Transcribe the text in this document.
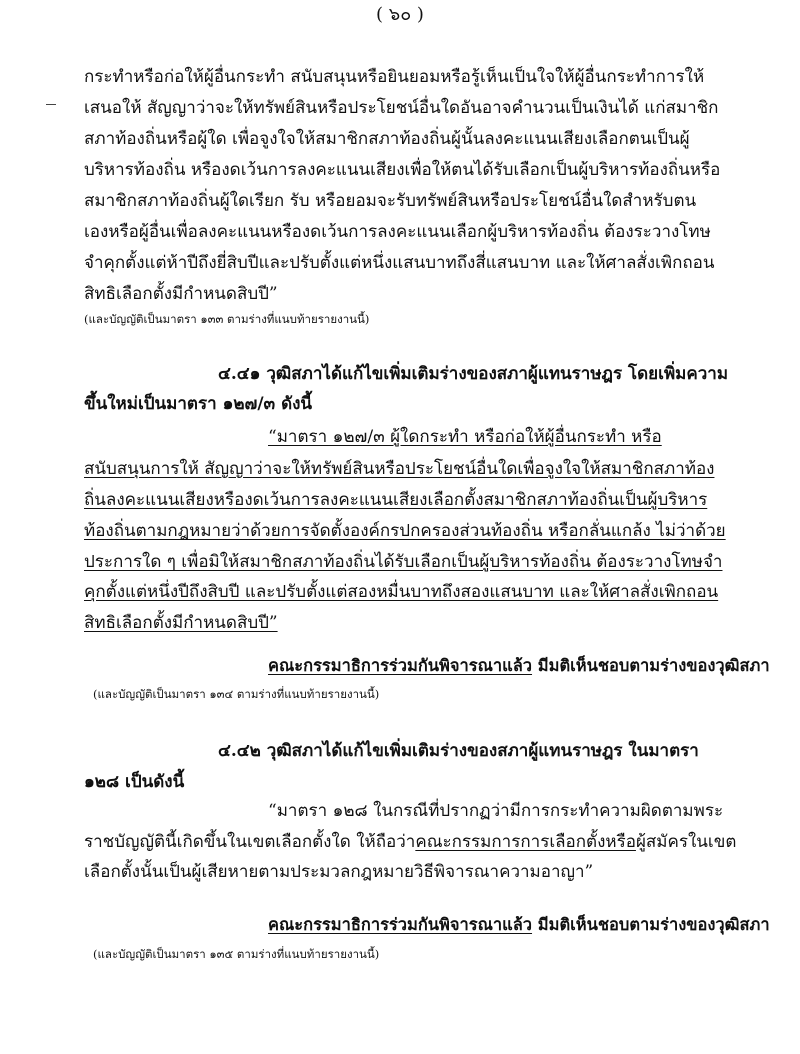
( ๖๐ )
กระทำหรือก่อให้ผู้อื่นกระทำ สนับสนุนหรือยินยอมหรือรู้เห็นเป็นใจให้ผู้อื่นกระทำการให้
เสนอให้ สัญญาว่าจะให้ทรัพย์สินหรือประโยชน์อื่นใดอันอาจคำนวนเป็นเงินได้ แก่สมาชิก
สภาท้องถิ่นหรือผู้ใด เพื่อจูงใจให้สมาชิกสภาท้องถิ่นผู้นั้นลงคะแนนเสียงเลือกตนเป็นผู้
บริหารท้องถิ่น หรืองดเว้นการลงคะแนนเสียงเพื่อให้ตนได้รับเลือกเป็นผู้บริหารท้องถิ่นหรือ
สมาชิกสภาท้องถิ่นผู้ใดเรียก รับ หรือยอมจะรับทรัพย์สินหรือประโยชน์อื่นใดสำหรับตน
เองหรือผู้อื่นเพื่อลงคะแนนหรืองดเว้นการลงคะแนนเลือกผู้บริหารท้องถิ่น ต้องระวางโทษ
จำคุกตั้งแต่ห้าปีถึงยี่สิบปีและปรับตั้งแต่หนึ่งแสนบาทถึงสี่แสนบาท และให้ศาลสั่งเพิกถอน
สิทธิเลือกตั้งมีกำหนดสิบปี”
(และบัญญัติเป็นมาตรา ๑๓๓ ตามร่างที่แนบท้ายรายงานนี้)
๔.๔๑ วุฒิสภาได้แก้ไขเพิ่มเติมร่างของสภาผู้แทนราษฎร โดยเพิ่มความ
ขึ้นใหม่เป็นมาตรา ๑๒๗/๓ ดังนี้
“มาตรา ๑๒๗/๓ ผู้ใดกระทำ หรือก่อให้ผู้อื่นกระทำ หรือ
สนับสนุนการให้ สัญญาว่าจะให้ทรัพย์สินหรือประโยชน์อื่นใดเพื่อจูงใจให้สมาชิกสภาท้อง
ถิ่นลงคะแนนเสียงหรืองดเว้นการลงคะแนนเสียงเลือกตั้งสมาชิกสภาท้องถิ่นเป็นผู้บริหาร
ท้องถิ่นตามกฎหมายว่าด้วยการจัดตั้งองค์กรปกครองส่วนท้องถิ่น หรือกลั่นแกล้ง ไม่ว่าด้วย
ประการใด ๆ เพื่อมิให้สมาชิกสภาท้องถิ่นได้รับเลือกเป็นผู้บริหารท้องถิ่น ต้องระวางโทษจำ
คุกตั้งแต่หนึ่งปีถึงสิบปี และปรับตั้งแต่สองหมื่นบาทถึงสองแสนบาท และให้ศาลสั่งเพิกถอน
สิทธิเลือกตั้งมีกำหนดสิบปี”
คณะกรรมาธิการร่วมกันพิจารณาแล้ว มีมติเห็นชอบตามร่างของวุฒิสภา
(และบัญญัติเป็นมาตรา ๑๓๔ ตามร่างที่แนบท้ายรายงานนี้)
๔.๔๒ วุฒิสภาได้แก้ไขเพิ่มเติมร่างของสภาผู้แทนราษฎร ในมาตรา
๑๒๘ เป็นดังนี้
“มาตรา ๑๒๘ ในกรณีที่ปรากฏว่ามีการกระทำความผิดตามพระ
ราชบัญญัตินี้เกิดขึ้นในเขตเลือกตั้งใด ให้ถือว่าคณะกรรมการการเลือกตั้งหรือผู้สมัครในเขต
เลือกตั้งนั้นเป็นผู้เสียหายตามประมวลกฎหมายวิธีพิจารณาความอาญา”
คณะกรรมาธิการร่วมกันพิจารณาแล้ว มีมติเห็นชอบตามร่างของวุฒิสภา
(และบัญญัติเป็นมาตรา ๑๓๕ ตามร่างที่แนบท้ายรายงานนี้)
